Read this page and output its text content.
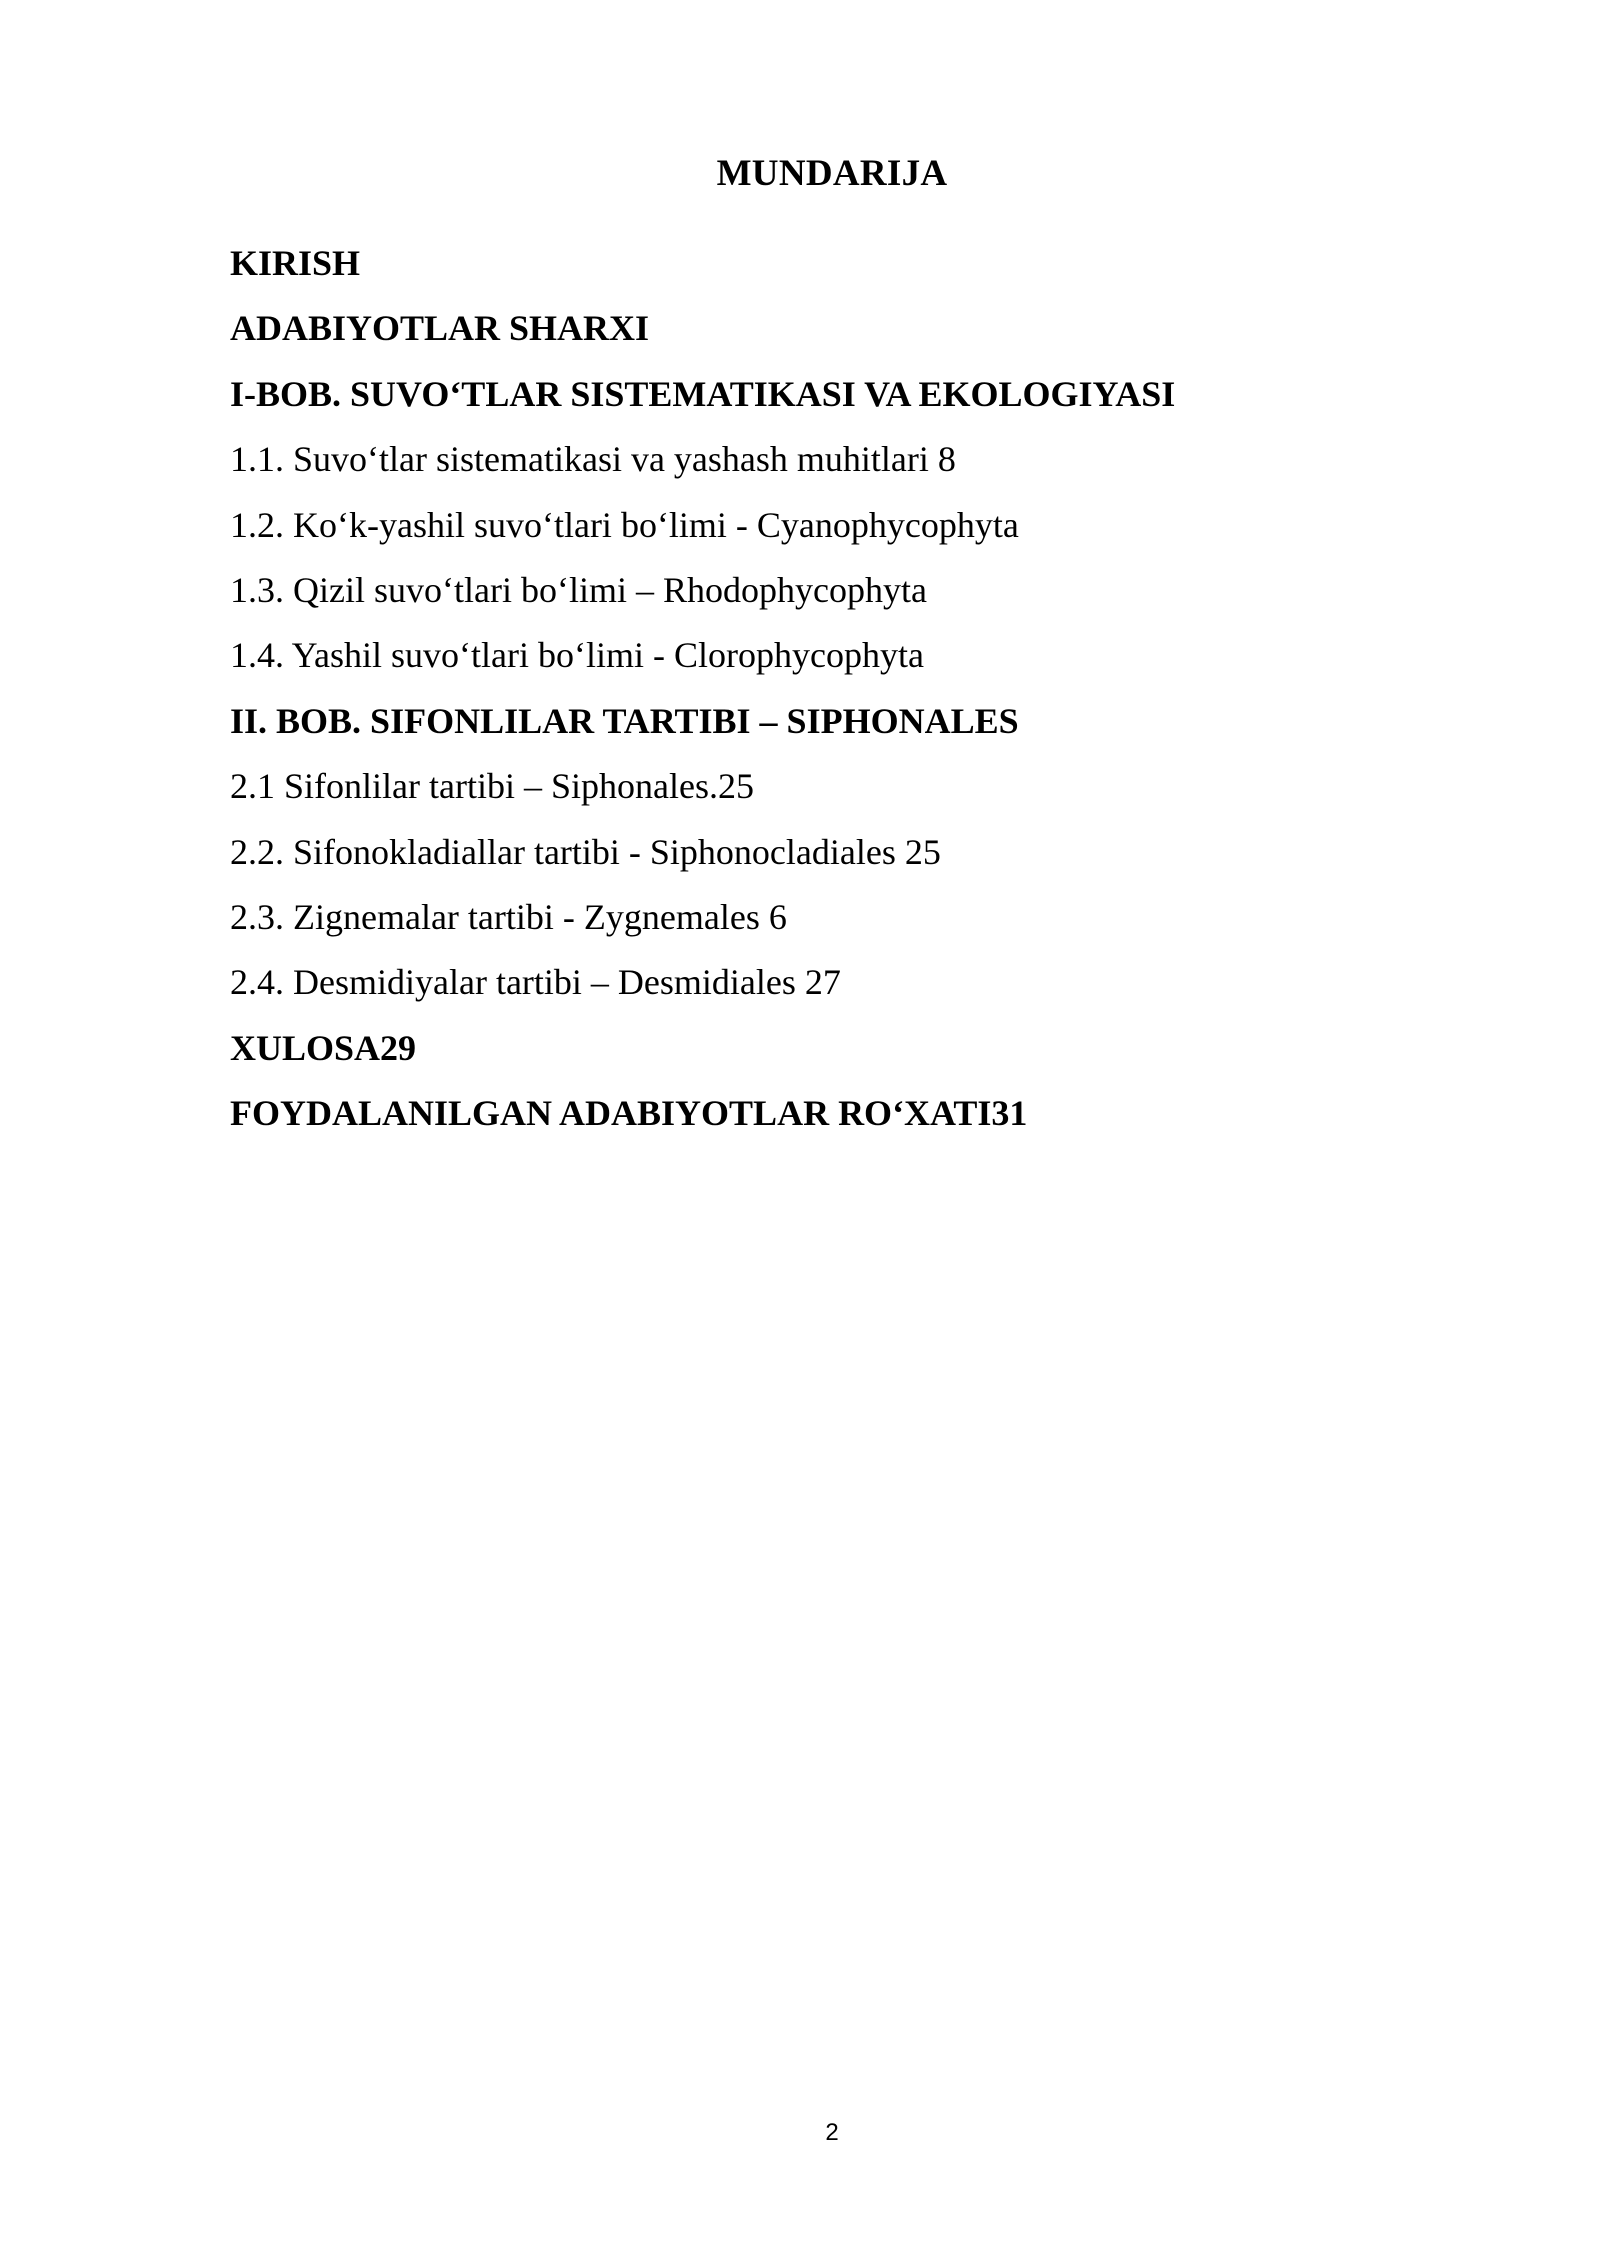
MUNDARIJA
KIRISH
ADABIYOTLAR SHARXI
I-BOB. SUVO‘TLAR SISTEMATIKASI VA EKOLOGIYASI
1.1. Suvo‘tlar sistematikasi va yashash muhitlari 8
1.2. Ko‘k-yashil suvo‘tlari bo‘limi - Cyanophycophyta
1.3. Qizil suvo‘tlari bo‘limi – Rhodophycophyta
1.4. Yashil suvo‘tlari bo‘limi - Clorophycophyta
II. BOB. SIFONLILAR TARTIBI – SIPHONALES
2.1 Sifonlilar tartibi – Siphonales.25
2.2. Sifonokladiallar tartibi - Siphonocladiales 25
2.3. Zignemalar tartibi - Zygnemales 6
2.4. Desmidiyalar tartibi – Desmidiales 27
XULOSA29
FOYDALANILGAN ADABIYOTLAR RO‘XATI31
2
